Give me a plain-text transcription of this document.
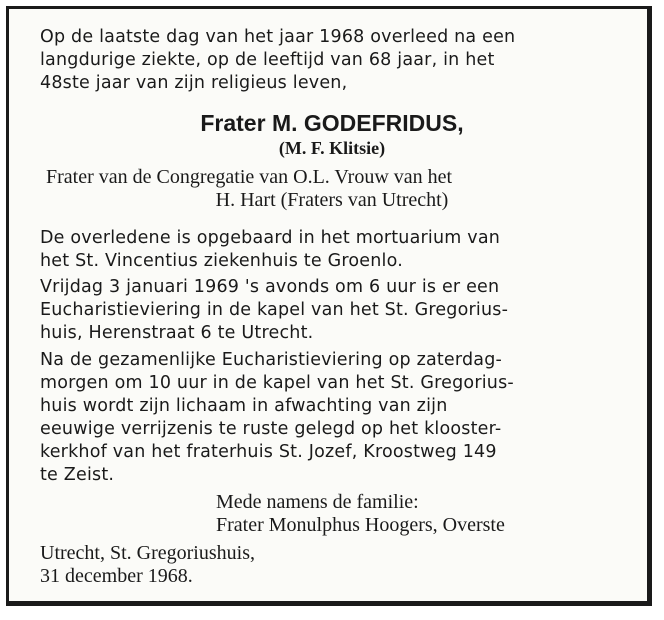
Op de laatste dag van het jaar 1968 overleed na een

langdurige ziekte, op de leeftijd van 68 jaar, in het

48ste jaar van zijn religieus leven,

Frater M. GODEFRIDUS,

(M. F. Klitsie)

Frater van de Congregatie van O.L. Vrouw van het

H. Hart (Fraters van Utrecht)

De overledene is opgebaard in het mortuarium van

het St. Vincentius ziekenhuis te Groenlo.

Vrijdag 3 januari 1969 's avonds om 6 uur is er een

Eucharistieviering in de kapel van het St. Gregorius-

huis, Herenstraat 6 te Utrecht.

Na de gezamenlijke Eucharistieviering op zaterdag-

morgen om 10 uur in de kapel van het St. Gregorius-

huis wordt zijn lichaam in afwachting van zijn

eeuwige verrijzenis te ruste gelegd op het klooster-

kerkhof van het fraterhuis St. Jozef, Kroostweg 149

te Zeist.

Mede namens de familie:

Frater Monulphus Hoogers, Overste

Utrecht, St. Gregoriushuis,

31 december 1968.
